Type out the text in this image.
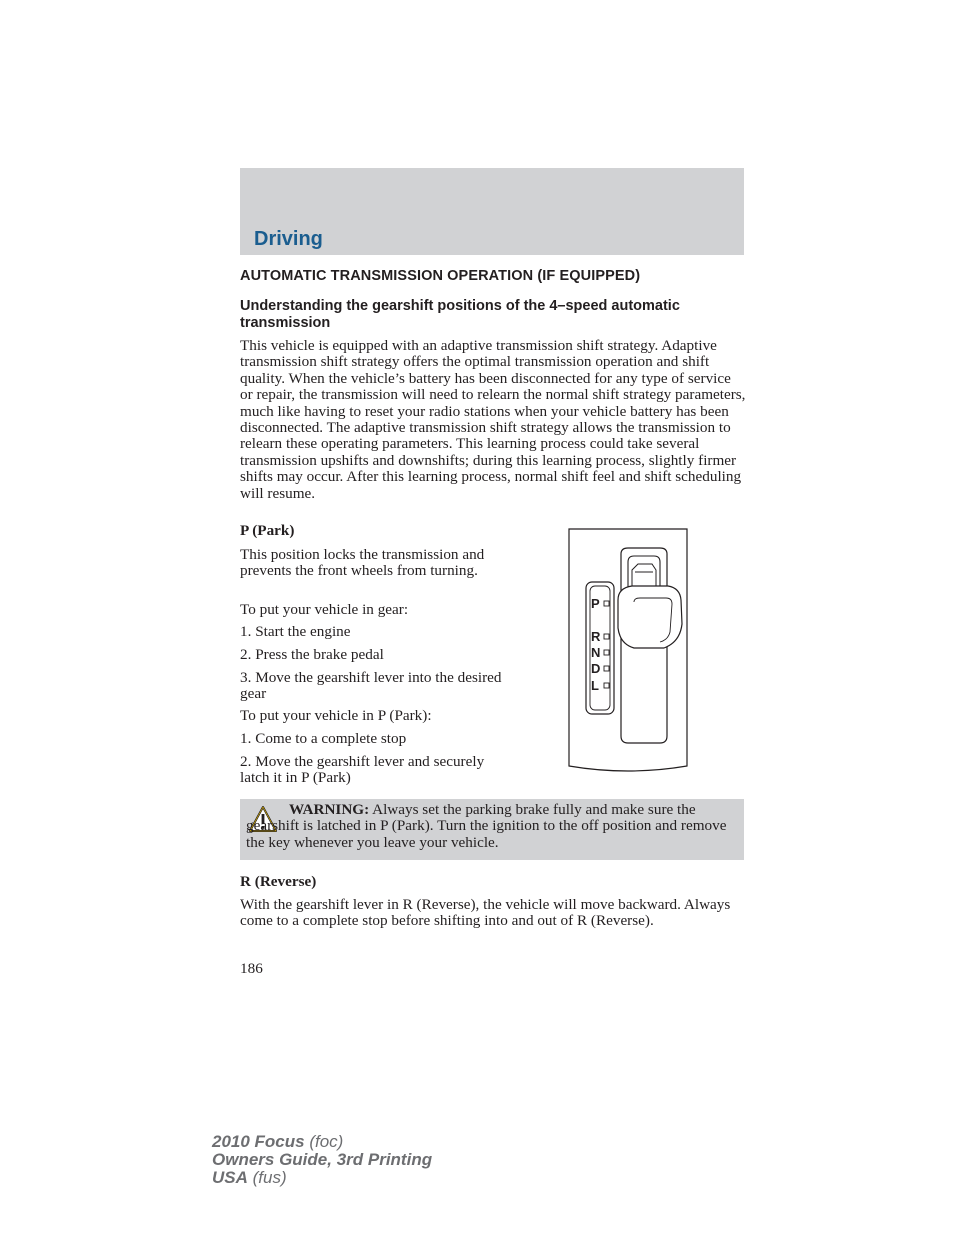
Driving
AUTOMATIC TRANSMISSION OPERATION (IF EQUIPPED)
Understanding the gearshift positions of the 4–speed automatic transmission
This vehicle is equipped with an adaptive transmission shift strategy. Adaptive transmission shift strategy offers the optimal transmission operation and shift quality. When the vehicle’s battery has been disconnected for any type of service or repair, the transmission will need to relearn the normal shift strategy parameters, much like having to reset your radio stations when your vehicle battery has been disconnected. The adaptive transmission shift strategy allows the transmission to relearn these operating parameters. This learning process could take several transmission upshifts and downshifts; during this learning process, slightly firmer shifts may occur. After this learning process, normal shift feel and shift scheduling will resume.
P (Park)
This position locks the transmission and prevents the front wheels from turning.
To put your vehicle in gear:
1. Start the engine
2. Press the brake pedal
3. Move the gearshift lever into the desired gear
To put your vehicle in P (Park):
1. Come to a complete stop
2. Move the gearshift lever and securely latch it in P (Park)
P
R
N
D
L
WARNING: Always set the parking brake fully and make sure the gearshift is latched in P (Park). Turn the ignition to the off position and remove the key whenever you leave your vehicle.
R (Reverse)
With the gearshift lever in R (Reverse), the vehicle will move backward. Always come to a complete stop before shifting into and out of R (Reverse).
186
2010 Focus (foc)
Owners Guide, 3rd Printing
USA (fus)
